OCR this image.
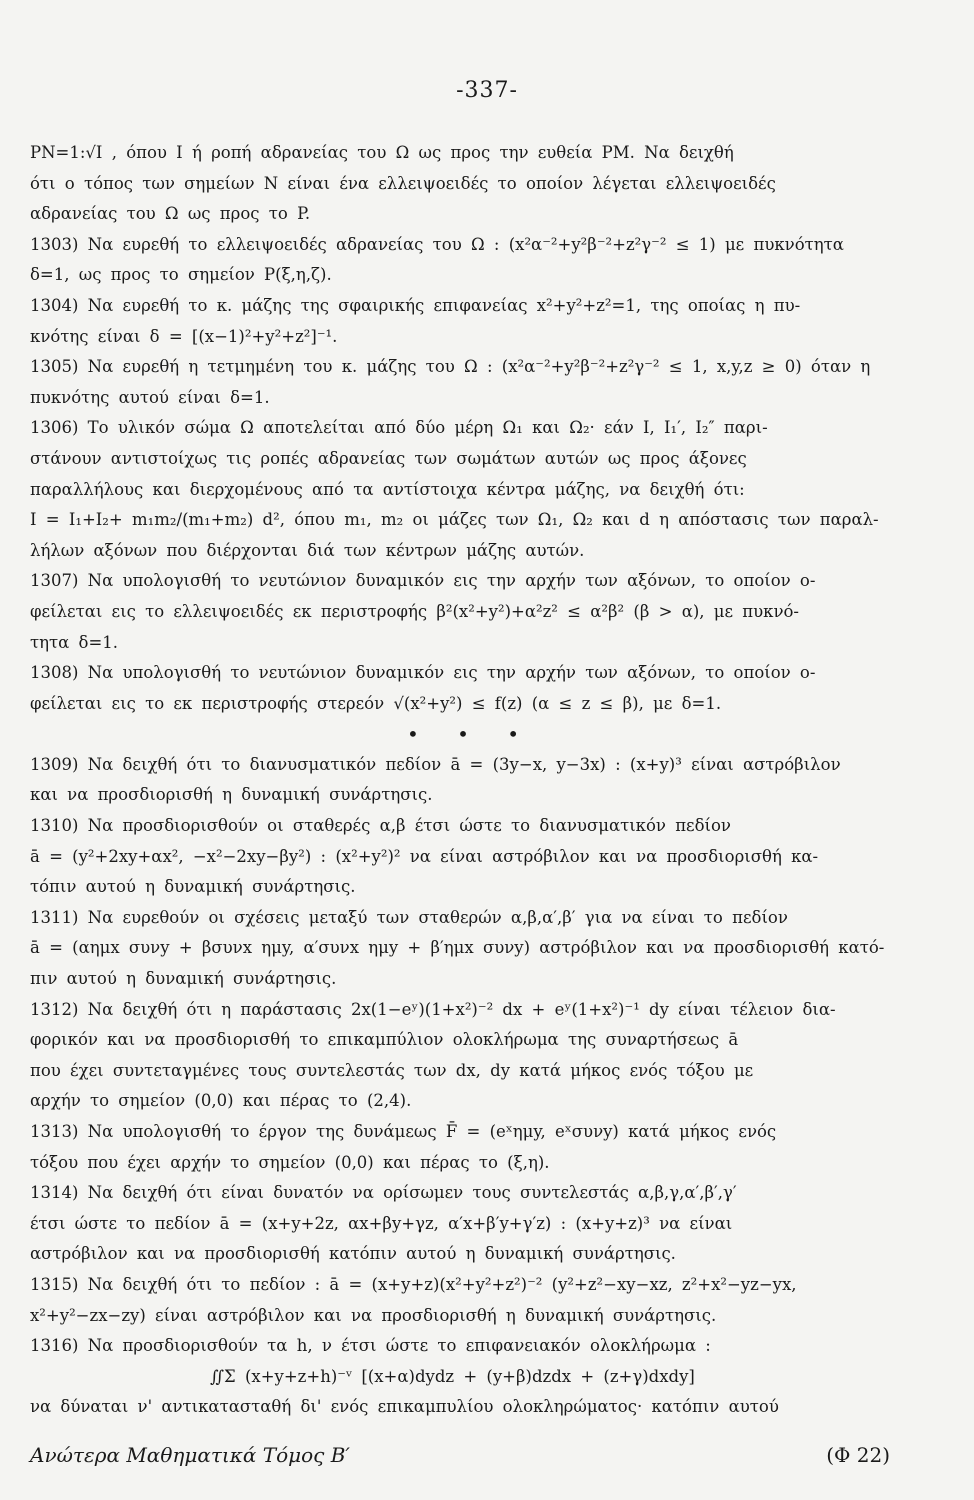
-337-
PN=1:√I , όπου I ή ροπή αδρανείας του Ω ως προς την ευθεία PM. Να δειχθή
ότι ο τόπος των σημείων N είναι ένα ελλειψοειδές το οποίον λέγεται ελλειψοειδές
αδρανείας του Ω ως προς το P.
1303) Να ευρεθή το ελλειψοειδές αδρανείας του Ω : (x²α⁻²+y²β⁻²+z²γ⁻² ≤ 1) με πυκνότητα
δ=1, ως προς το σημείον P(ξ,η,ζ).
1304) Να ευρεθή το κ. μάζης της σφαιρικής επιφανείας x²+y²+z²=1, της οποίας η πυ-
κνότης είναι δ = [(x−1)²+y²+z²]⁻¹.
1305) Να ευρεθή η τετμημένη του κ. μάζης του Ω : (x²α⁻²+y²β⁻²+z²γ⁻² ≤ 1, x,y,z ≥ 0) όταν η
πυκνότης αυτού είναι δ=1.
1306) Το υλικόν σώμα Ω αποτελείται από δύο μέρη Ω₁ και Ω₂· εάν I, I₁′, I₂″ παρι-
στάνουν αντιστοίχως τις ροπές αδρανείας των σωμάτων αυτών ως προς άξονες
παραλλήλους και διερχομένους από τα αντίστοιχα κέντρα μάζης, να δειχθή ότι:
I = I₁+I₂+ m₁m₂/(m₁+m₂) d², όπου m₁, m₂ οι μάζες των Ω₁, Ω₂ και d η απόστασις των παραλ-
λήλων αξόνων που διέρχονται διά των κέντρων μάζης αυτών.
1307) Να υπολογισθή το νευτώνιον δυναμικόν εις την αρχήν των αξόνων, το οποίον ο-
φείλεται εις το ελλειψοειδές εκ περιστροφής β²(x²+y²)+α²z² ≤ α²β² (β > α), με πυκνό-
τητα δ=1.
1308) Να υπολογισθή το νευτώνιον δυναμικόν εις την αρχήν των αξόνων, το οποίον ο-
φείλεται εις το εκ περιστροφής στερεόν √(x²+y²) ≤ f(z) (α ≤ z ≤ β), με δ=1.
• • •
1309) Να δειχθή ότι το διανυσματικόν πεδίον ā = (3y−x, y−3x) : (x+y)³ είναι αστρόβιλον
και να προσδιορισθή η δυναμική συνάρτησις.
1310) Να προσδιορισθούν οι σταθερές α,β έτσι ώστε το διανυσματικόν πεδίον
ā = (y²+2xy+αx², −x²−2xy−βy²) : (x²+y²)² να είναι αστρόβιλον και να προσδιορισθή κα-
τόπιν αυτού η δυναμική συνάρτησις.
1311) Να ευρεθούν οι σχέσεις μεταξύ των σταθερών α,β,α′,β′ για να είναι το πεδίον
ā = (αημx συνy + βσυνx ημy, α′συνx ημy + β′ημx συνy) αστρόβιλον και να προσδιορισθή κατό-
πιν αυτού η δυναμική συνάρτησις.
1312) Να δειχθή ότι η παράστασις 2x(1−eʸ)(1+x²)⁻² dx + eʸ(1+x²)⁻¹ dy είναι τέλειον δια-
φορικόν και να προσδιορισθή το επικαμπύλιον ολοκλήρωμα της συναρτήσεως ā
που έχει συντεταγμένες τους συντελεστάς των dx, dy κατά μήκος ενός τόξου με
αρχήν το σημείον (0,0) και πέρας το (2,4).
1313) Να υπολογισθή το έργον της δυνάμεως F̄ = (eˣημy, eˣσυνy) κατά μήκος ενός
τόξου που έχει αρχήν το σημείον (0,0) και πέρας το (ξ,η).
1314) Να δειχθή ότι είναι δυνατόν να ορίσωμεν τους συντελεστάς α,β,γ,α′,β′,γ′
έτσι ώστε το πεδίον ā = (x+y+2z, αx+βy+γz, α′x+β′y+γ′z) : (x+y+z)³ να είναι
αστρόβιλον και να προσδιορισθή κατόπιν αυτού η δυναμική συνάρτησις.
1315) Να δειχθή ότι το πεδίον : ā = (x+y+z)(x²+y²+z²)⁻² (y²+z²−xy−xz, z²+x²−yz−yx,
x²+y²−zx−zy) είναι αστρόβιλον και να προσδιορισθή η δυναμική συνάρτησις.
1316) Να προσδιορισθούν τα h, ν έτσι ώστε το επιφανειακόν ολοκλήρωμα :
∬Σ (x+y+z+h)⁻ᵛ [(x+α)dydz + (y+β)dzdx + (z+γ)dxdy]
να δύναται ν' αντικατασταθή δι' ενός επικαμπυλίου ολοκληρώματος· κατόπιν αυτού
Ανώτερα Μαθηματικά Τόμος Β′	(Φ 22)
